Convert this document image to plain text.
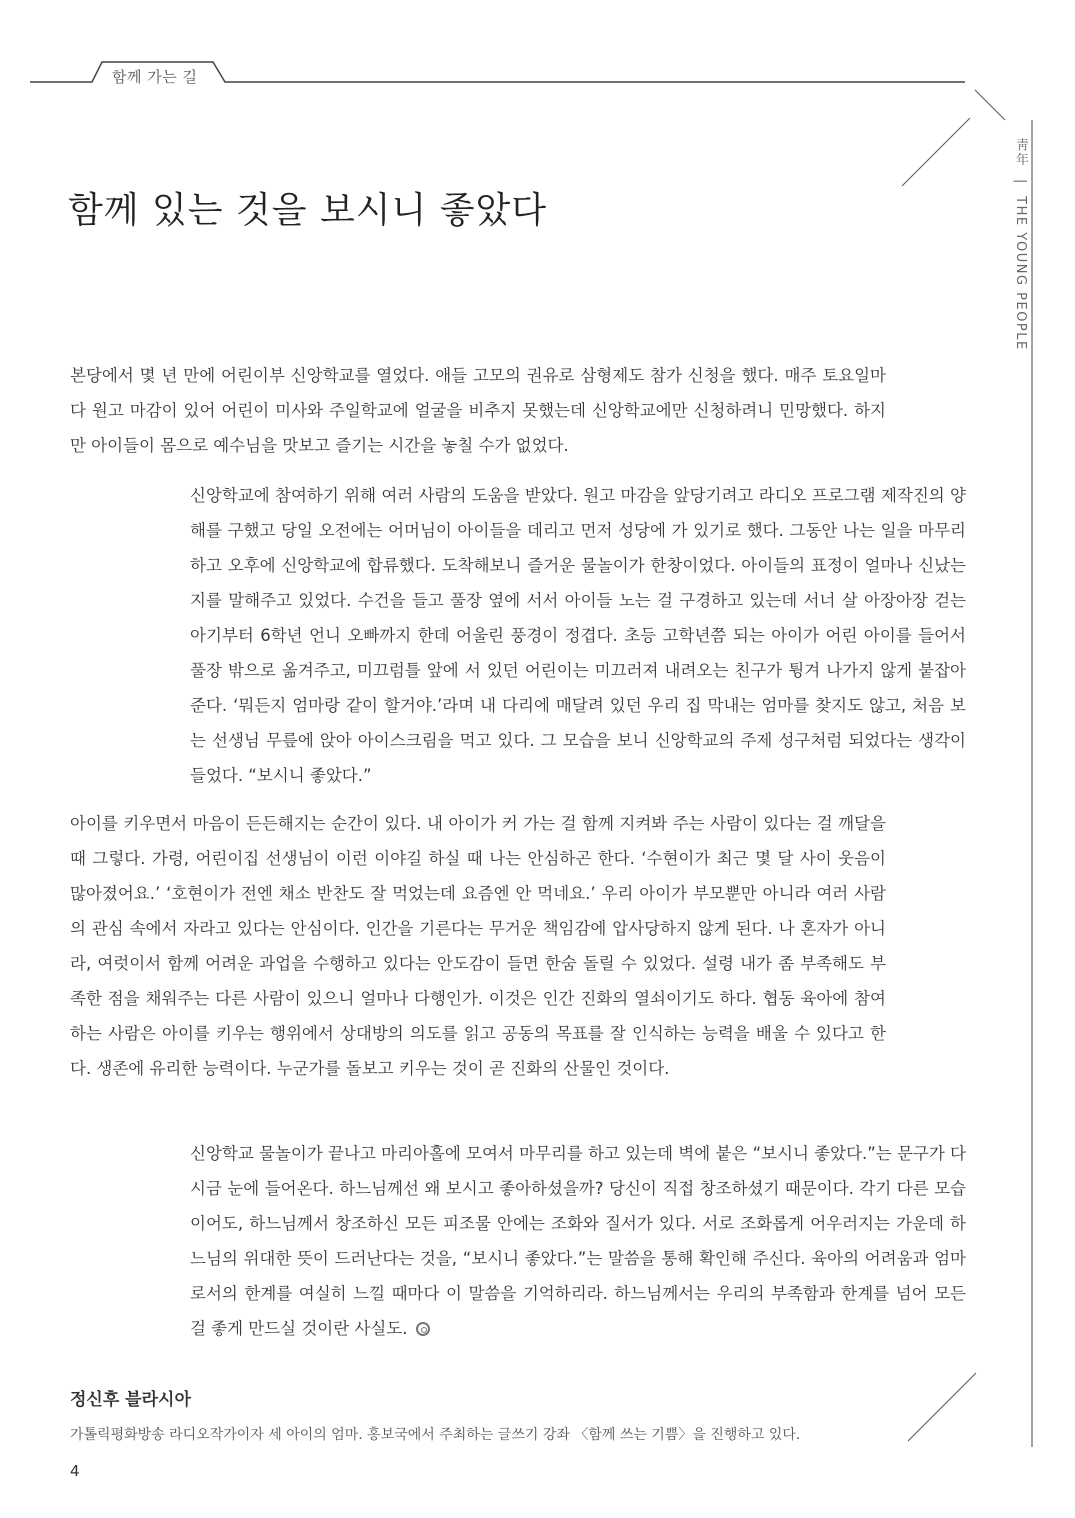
함께 가는 길
靑年 | THE YOUNG PEOPLE
함께 있는 것을 보시니 좋았다

본당에서 몇 년 만에 어린이부 신앙학교를 열었다. 애들 고모의 권유로 삼형제도 참가 신청을 했다. 매주 토요일마다 원고 마감이 있어 어린이 미사와 주일학교에 얼굴을 비추지 못했는데 신앙학교에만 신청하려니 민망했다. 하지만 아이들이 몸으로 예수님을 맛보고 즐기는 시간을 놓칠 수가 없었다.

신앙학교에 참여하기 위해 여러 사람의 도움을 받았다. 원고 마감을 앞당기려고 라디오 프로그램 제작진의 양해를 구했고 당일 오전에는 어머님이 아이들을 데리고 먼저 성당에 가 있기로 했다. 그동안 나는 일을 마무리하고 오후에 신앙학교에 합류했다. 도착해보니 즐거운 물놀이가 한창이었다. 아이들의 표정이 얼마나 신났는지를 말해주고 있었다. 수건을 들고 풀장 옆에 서서 아이들 노는 걸 구경하고 있는데 서너 살 아장아장 걷는 아기부터 6학년 언니 오빠까지 한데 어울린 풍경이 정겹다. 초등 고학년쯤 되는 아이가 어린 아이를 들어서 풀장 밖으로 옮겨주고, 미끄럼틀 앞에 서 있던 어린이는 미끄러져 내려오는 친구가 튕겨 나가지 않게 붙잡아 준다. ‘뭐든지 엄마랑 같이 할거야.’라며 내 다리에 매달려 있던 우리 집 막내는 엄마를 찾지도 않고, 처음 보는 선생님 무릎에 앉아 아이스크림을 먹고 있다. 그 모습을 보니 신앙학교의 주제 성구처럼 되었다는 생각이 들었다. “보시니 좋았다.”

아이를 키우면서 마음이 든든해지는 순간이 있다. 내 아이가 커 가는 걸 함께 지켜봐 주는 사람이 있다는 걸 깨달을 때 그렇다. 가령, 어린이집 선생님이 이런 이야길 하실 때 나는 안심하곤 한다. ‘수현이가 최근 몇 달 사이 웃음이 많아졌어요.’ ‘호현이가 전엔 채소 반찬도 잘 먹었는데 요즘엔 안 먹네요.’ 우리 아이가 부모뿐만 아니라 여러 사람의 관심 속에서 자라고 있다는 안심이다. 인간을 기른다는 무거운 책임감에 압사당하지 않게 된다. 나 혼자가 아니라, 여럿이서 함께 어려운 과업을 수행하고 있다는 안도감이 들면 한숨 돌릴 수 있었다. 설령 내가 좀 부족해도 부족한 점을 채워주는 다른 사람이 있으니 얼마나 다행인가. 이것은 인간 진화의 열쇠이기도 하다. 협동 육아에 참여하는 사람은 아이를 키우는 행위에서 상대방의 의도를 읽고 공동의 목표를 잘 인식하는 능력을 배울 수 있다고 한다. 생존에 유리한 능력이다. 누군가를 돌보고 키우는 것이 곧 진화의 산물인 것이다.

신앙학교 물놀이가 끝나고 마리아홀에 모여서 마무리를 하고 있는데 벽에 붙은 “보시니 좋았다.”는 문구가 다시금 눈에 들어온다. 하느님께선 왜 보시고 좋아하셨을까? 당신이 직접 창조하셨기 때문이다. 각기 다른 모습이어도, 하느님께서 창조하신 모든 피조물 안에는 조화와 질서가 있다. 서로 조화롭게 어우러지는 가운데 하느님의 위대한 뜻이 드러난다는 것을, “보시니 좋았다.”는 말씀을 통해 확인해 주신다. 육아의 어려움과 엄마로서의 한계를 여실히 느낄 때마다 이 말씀을 기억하리라. 하느님께서는 우리의 부족함과 한계를 넘어 모든 걸 좋게 만드실 것이란 사실도.

정신후 블라시아
가톨릭평화방송 라디오작가이자 세 아이의 엄마. 홍보국에서 주최하는 글쓰기 강좌 〈함께 쓰는 기쁨〉을 진행하고 있다.
4
